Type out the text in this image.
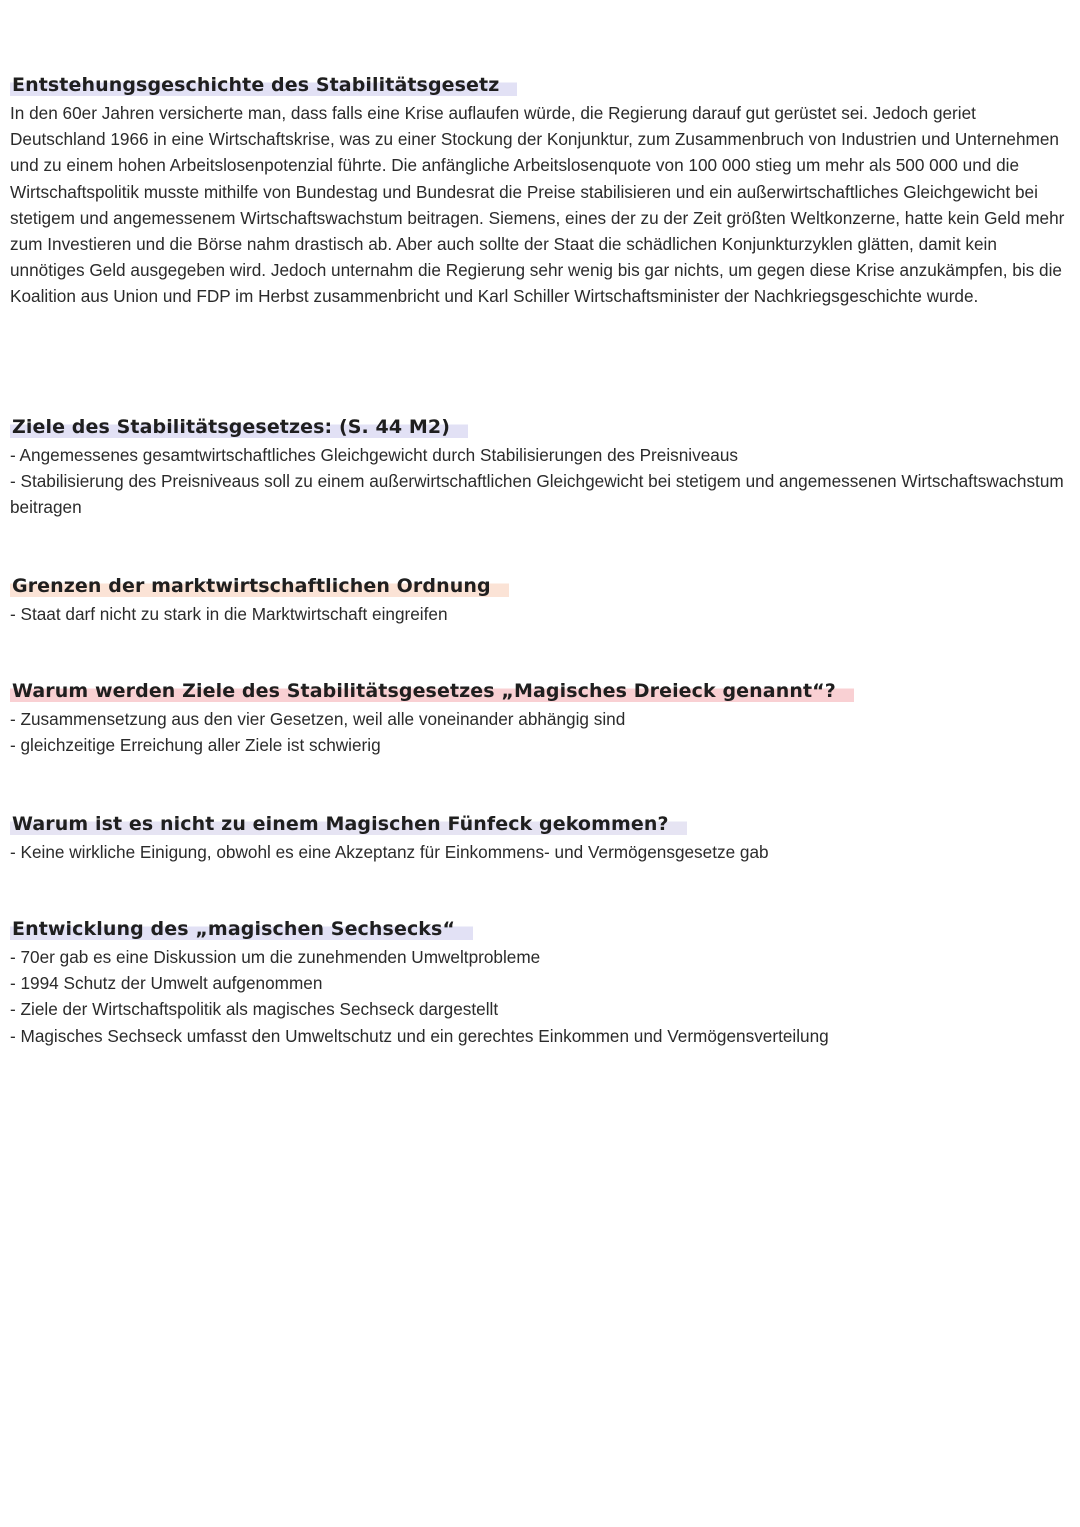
Entstehungsgeschichte des Stabilitätsgesetz

In den 60er Jahren versicherte man, dass falls eine Krise auflaufen würde, die Regierung darauf gut gerüstet sei. Jedoch geriet Deutschland 1966 in eine Wirtschaftskrise, was zu einer Stockung der Konjunktur, zum Zusammenbruch von Industrien und Unternehmen und zu einem hohen Arbeitslosenpotenzial führte. Die anfängliche Arbeitslosenquote von 100 000 stieg um mehr als 500 000 und die Wirtschaftspolitik musste mithilfe von Bundestag und Bundesrat die Preise stabilisieren und ein außerwirtschaftliches Gleichgewicht bei stetigem und angemessenem Wirtschaftswachstum beitragen. Siemens, eines der zu der Zeit größten Weltkonzerne, hatte kein Geld mehr zum Investieren und die Börse nahm drastisch ab. Aber auch sollte der Staat die schädlichen Konjunkturzyklen glätten, damit kein unnötiges Geld ausgegeben wird. Jedoch unternahm die Regierung sehr wenig bis gar nichts, um gegen diese Krise anzukämpfen, bis die Koalition aus Union und FDP im Herbst zusammenbricht und Karl Schiller Wirtschaftsminister der Nachkriegsgeschichte wurde.

Ziele des Stabilitätsgesetzes: (S. 44 M2)
- Angemessenes gesamtwirtschaftliches Gleichgewicht durch Stabilisierungen des Preisniveaus
- Stabilisierung des Preisniveaus soll zu einem außerwirtschaftlichen Gleichgewicht bei stetigem und angemessenen Wirtschaftswachstum beitragen
Grenzen der marktwirtschaftlichen Ordnung
- Staat darf nicht zu stark in die Marktwirtschaft eingreifen
Warum werden Ziele des Stabilitätsgesetzes „Magisches Dreieck genannt“?
- Zusammensetzung aus den vier Gesetzen, weil alle voneinander abhängig sind
- gleichzeitige Erreichung aller Ziele ist schwierig
Warum ist es nicht zu einem Magischen Fünfeck gekommen?
- Keine wirkliche Einigung, obwohl es eine Akzeptanz für Einkommens- und Vermögensgesetze gab
Entwicklung des „magischen Sechsecks“
- 70er gab es eine Diskussion um die zunehmenden Umweltprobleme
- 1994 Schutz der Umwelt aufgenommen
- Ziele der Wirtschaftspolitik als magisches Sechseck dargestellt
- Magisches Sechseck umfasst den Umweltschutz und ein gerechtes Einkommen und Vermögensverteilung
